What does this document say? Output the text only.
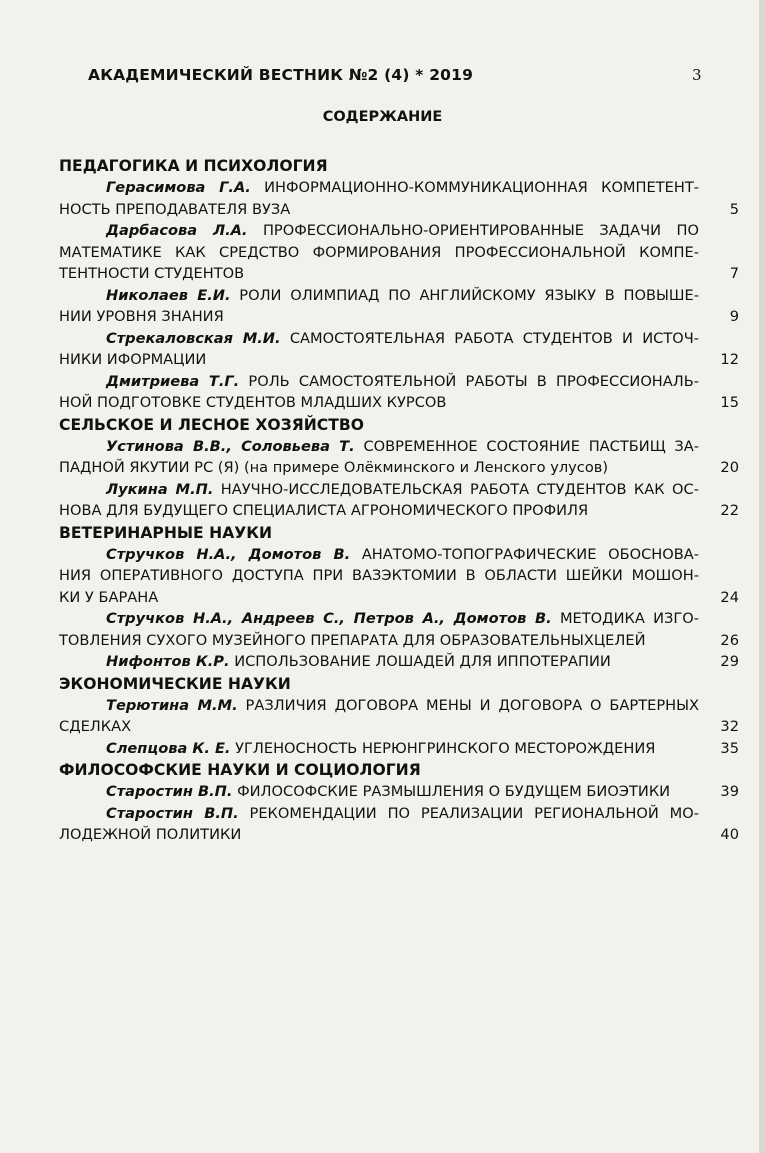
АКАДЕМИЧЕСКИЙ ВЕСТНИК №2 (4) * 2019	3
СОДЕРЖАНИЕ
ПЕДАГОГИКА И ПСИХОЛОГИЯ
Герасимова Г.А. ИНФОРМАЦИОННО-КОММУНИКАЦИОННАЯ КОМПЕТЕНТ-
НОСТЬ ПРЕПОДАВАТЕЛЯ ВУЗА	5
Дарбасова Л.А. ПРОФЕССИОНАЛЬНО-ОРИЕНТИРОВАННЫЕ ЗАДАЧИ ПО
МАТЕМАТИКЕ КАК СРЕДСТВО ФОРМИРОВАНИЯ ПРОФЕССИОНАЛЬНОЙ КОМПЕ-
ТЕНТНОСТИ СТУДЕНТОВ	7
Николаев Е.И. РОЛИ ОЛИМПИАД ПО АНГЛИЙСКОМУ ЯЗЫКУ В ПОВЫШЕ-
НИИ УРОВНЯ ЗНАНИЯ	9
Стрекаловская М.И. САМОСТОЯТЕЛЬНАЯ РАБОТА СТУДЕНТОВ И ИСТОЧ-
НИКИ ИФОРМАЦИИ	12
Дмитриева Т.Г. РОЛЬ САМОСТОЯТЕЛЬНОЙ РАБОТЫ В ПРОФЕССИОНАЛЬ-
НОЙ ПОДГОТОВКЕ СТУДЕНТОВ МЛАДШИХ КУРСОВ	15
СЕЛЬСКОЕ И ЛЕСНОЕ ХОЗЯЙСТВО
Устинова В.В., Соловьева Т. СОВРЕМЕННОЕ СОСТОЯНИЕ ПАСТБИЩ ЗА-
ПАДНОЙ ЯКУТИИ РС (Я) (на примере Олёкминского и Ленского улусов)	20
Лукина М.П. НАУЧНО-ИССЛЕДОВАТЕЛЬСКАЯ РАБОТА СТУДЕНТОВ КАК ОС-
НОВА ДЛЯ БУДУЩЕГО СПЕЦИАЛИСТА АГРОНОМИЧЕСКОГО ПРОФИЛЯ	22
ВЕТЕРИНАРНЫЕ НАУКИ
Стручков Н.А., Домотов В. АНАТОМО-ТОПОГРАФИЧЕСКИЕ ОБОСНОВА-
НИЯ ОПЕРАТИВНОГО ДОСТУПА ПРИ ВАЗЭКТОМИИ В ОБЛАСТИ ШЕЙКИ МОШОН-
КИ У БАРАНА	24
Стручков Н.А., Андреев С., Петров А., Домотов В. МЕТОДИКА ИЗГО-
ТОВЛЕНИЯ СУХОГО МУЗЕЙНОГО ПРЕПАРАТА ДЛЯ ОБРАЗОВАТЕЛЬНЫХЦЕЛЕЙ	26
Нифонтов К.Р. ИСПОЛЬЗОВАНИЕ ЛОШАДЕЙ ДЛЯ ИППОТЕРАПИИ	29
ЭКОНОМИЧЕСКИЕ НАУКИ
Терютина М.М. РАЗЛИЧИЯ ДОГОВОРА МЕНЫ И ДОГОВОРА О БАРТЕРНЫХ
СДЕЛКАХ	32
Слепцова К. Е. УГЛЕНОСНОСТЬ НЕРЮНГРИНСКОГО МЕСТОРОЖДЕНИЯ	35
ФИЛОСОФСКИЕ НАУКИ И СОЦИОЛОГИЯ
Старостин В.П. ФИЛОСОФСКИЕ РАЗМЫШЛЕНИЯ О БУДУЩЕМ БИОЭТИКИ	39
Старостин В.П. РЕКОМЕНДАЦИИ ПО РЕАЛИЗАЦИИ РЕГИОНАЛЬНОЙ МО-
ЛОДЕЖНОЙ ПОЛИТИКИ	40
